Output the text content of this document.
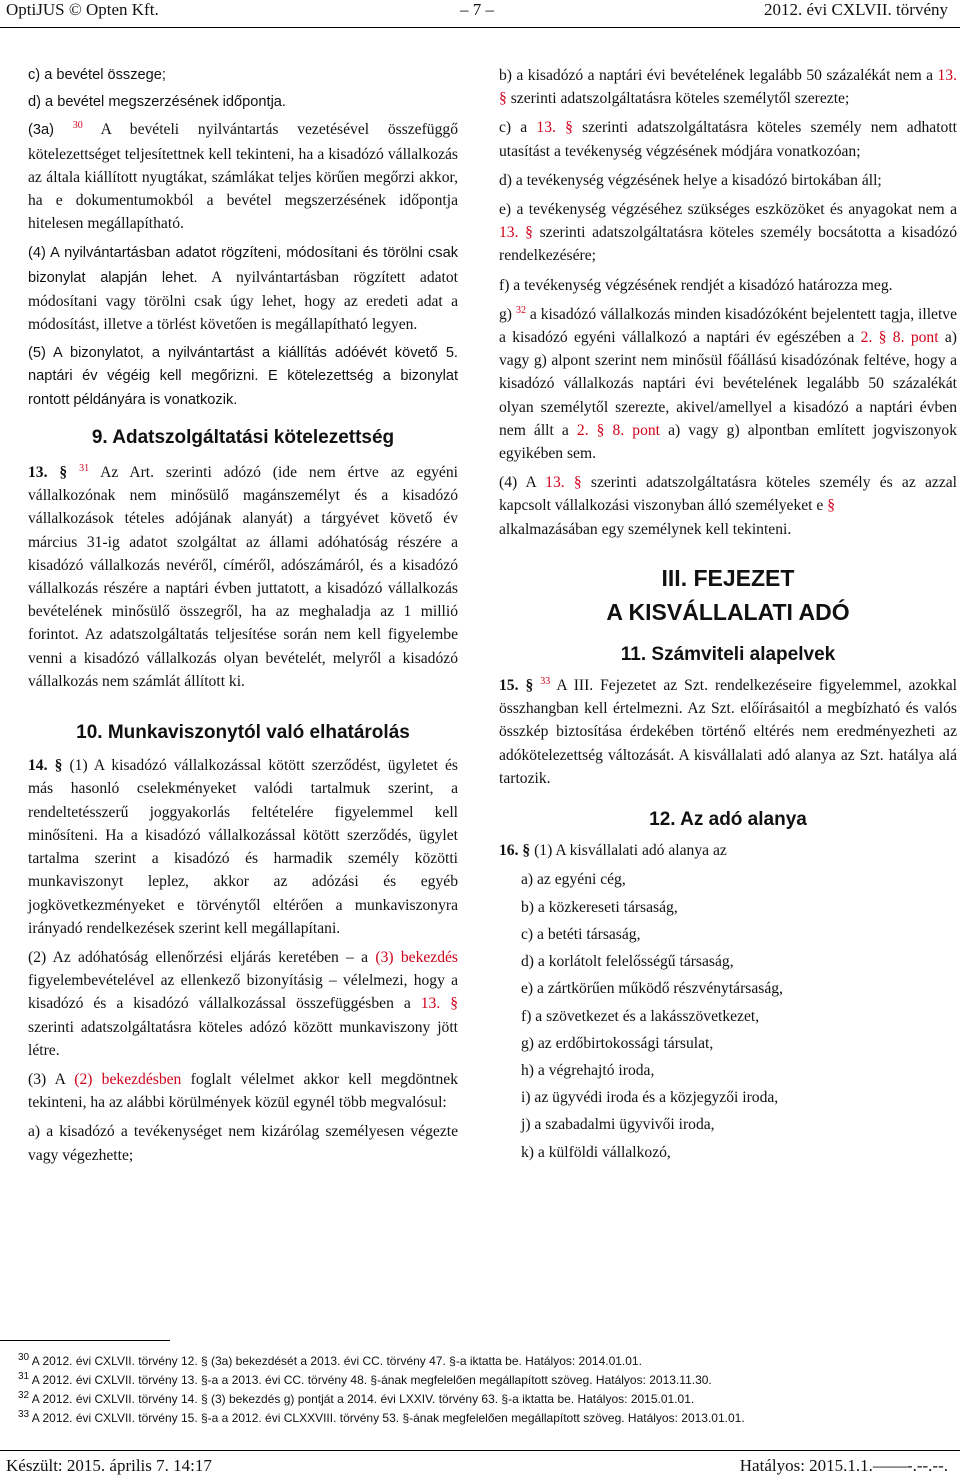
OptiJUS © Opten Kft.	– 7 –	2012. évi CXLVII. törvény
c) a bevétel összege;
d) a bevétel megszerzésének időpontja.

(3a) $^{30}$ A bevételi nyilvántartás vezetésével összefüggő kötelezettséget teljesítettnek kell tekinteni, ha a kisadózó vállalkozás az általa kiállított nyugtákat, számlákat teljes körűen megőrzi akkor, ha e dokumentumokból a bevétel megszerzésének időpontja hitelesen megállapítható.

(4) A nyilvántartásban adatot rögzíteni, módosítani és törölni csak bizonylat alapján lehet. A nyilvántartásban rögzített adatot módosítani vagy törölni csak úgy lehet, hogy az eredeti adat a módosítást, illetve a törlést követően is megállapítható legyen.

(5) A bizonylatot, a nyilvántartást a kiállítás adóévét követő 5. naptári év végéig kell megőrizni. E kötelezettség a bizonylat rontott példányára is vonatkozik.

9. Adatszolgáltatási kötelezettség

13. § $^{31}$ Az Art. szerinti adózó (ide nem értve az egyéni vállalkozónak nem minősülő magánszemélyt és a kisadózó vállalkozások tételes adójának alanyát) a tárgyévet követő év március 31-ig adatot szolgáltat az állami adóhatóság részére a kisadózó vállalkozás nevéről, címéről, adószámáról, és a kisadózó vállalkozás részére a naptári évben juttatott, a kisadózó vállalkozás bevételének minősülő összegről, ha az meghaladja az 1 millió forintot. Az adatszolgáltatás teljesítése során nem kell figyelembe venni a kisadózó vállalkozás olyan bevételét, melyről a kisadózó vállalkozás nem számlát állított ki.

10. Munkaviszonytól való elhatárolás

14. § (1) A kisadózó vállalkozással kötött szerződést, ügyletet és más hasonló cselekményeket valódi tartalmuk szerint, a rendeltetésszerű joggyakorlás feltételére figyelemmel kell minősíteni. Ha a kisadózó vállalkozással kötött szerződés, ügylet tartalma szerint a kisadózó és harmadik személy közötti munkaviszonyt leplez, akkor az adózási és egyéb jogkövetkezményeket e törvénytől eltérően a munkaviszonyra irányadó rendelkezések szerint kell megállapítani.

(2) Az adóhatóság ellenőrzési eljárás keretében – a (3) bekezdés figyelembevételével az ellenkező bizonyításig – vélelmezi, hogy a kisadózó és a kisadózó vállalkozással összefüggésben a 13. § szerinti adatszolgáltatásra köteles adózó között munkaviszony jött létre.

(3) A (2) bekezdésben foglalt vélelmet akkor kell megdöntnek tekinteni, ha az alábbi körülmények közül egynél több megvalósul:

a) a kisadózó a tevékenységet nem kizárólag személyesen végezte vagy végezhette;

b) a kisadózó a naptári évi bevételének legalább 50 százalékát nem a 13. § szerinti adatszolgáltatásra köteles személytől szerezte;

c) a 13. § szerinti adatszolgáltatásra köteles személy nem adhatott utasítást a tevékenység végzésének módjára vonatkozóan;

d) a tevékenység végzésének helye a kisadózó birtokában áll;

e) a tevékenység végzéséhez szükséges eszközöket és anyagokat nem a 13. § szerinti adatszolgáltatásra köteles személy bocsátotta a kisadózó rendelkezésére;

f) a tevékenység végzésének rendjét a kisadózó határozza meg.

g) $^{32}$ a kisadózó vállalkozás minden kisadózóként bejelentett tagja, illetve a kisadózó egyéni vállalkozó a naptári év egészében a 2. § 8. pont a) vagy g) alpont szerint nem minősül főállású kisadózónak feltéve, hogy a kisadózó vállalkozás naptári évi bevételének legalább 50 százalékát olyan személytől szerezte, akivel/amellyel a kisadózó a naptári évben nem állt a 2. § 8. pont a) vagy g) alpontban említett jogviszonyok egyikében sem.

(4) A 13. § szerinti adatszolgáltatásra köteles személy és az azzal kapcsolt vállalkozási viszonyban álló személyeket e §
alkalmazásában egy személynek kell tekinteni.

III. FEJEZET
A KISVÁLLALATI ADÓ
11. Számviteli alapelvek

15. § $^{33}$ A III. Fejezetet az Szt. rendelkezéseire figyelemmel, azokkal összhangban kell értelmezni. Az Szt. előírásaitól a megbízható és valós összkép biztosítása érdekében történő eltérés nem eredményezheti az adókötelezettség változását. A kisvállalati adó alanya az Szt. hatálya alá tartozik.

12. Az adó alanya

16. § (1) A kisvállalati adó alanya az

a) az egyéni cég,
b) a közkereseti társaság,
c) a betéti társaság,
d) a korlátolt felelősségű társaság,
e) a zártkörűen működő részvénytársaság,
f) a szövetkezet és a lakásszövetkezet,
g) az erdőbirtokossági társulat,
h) a végrehajtó iroda,
i) az ügyvédi iroda és a közjegyzői iroda,
j) a szabadalmi ügyvivői iroda,
k) a külföldi vállalkozó,
$^{30}$ A 2012. évi CXLVII. törvény 12. § (3a) bekezdését a 2013. évi CC. törvény 47. §-a iktatta be. Hatályos: 2014.01.01.
$^{31}$ A 2012. évi CXLVII. törvény 13. §-a a 2013. évi CC. törvény 48. §-ának megfelelően megállapított szöveg. Hatályos: 2013.11.30.
$^{32}$ A 2012. évi CXLVII. törvény 14. § (3) bekezdés g) pontját a 2014. évi LXXIV. törvény 63. §-a iktatta be. Hatályos: 2015.01.01.
$^{33}$ A 2012. évi CXLVII. törvény 15. §-a a 2012. évi CLXXVIII. törvény 53. §-ának megfelelően megállapított szöveg. Hatályos: 2013.01.01.
Készült: 2015. április 7. 14:17	Hatályos: 2015.1.1.——-.--.--.
